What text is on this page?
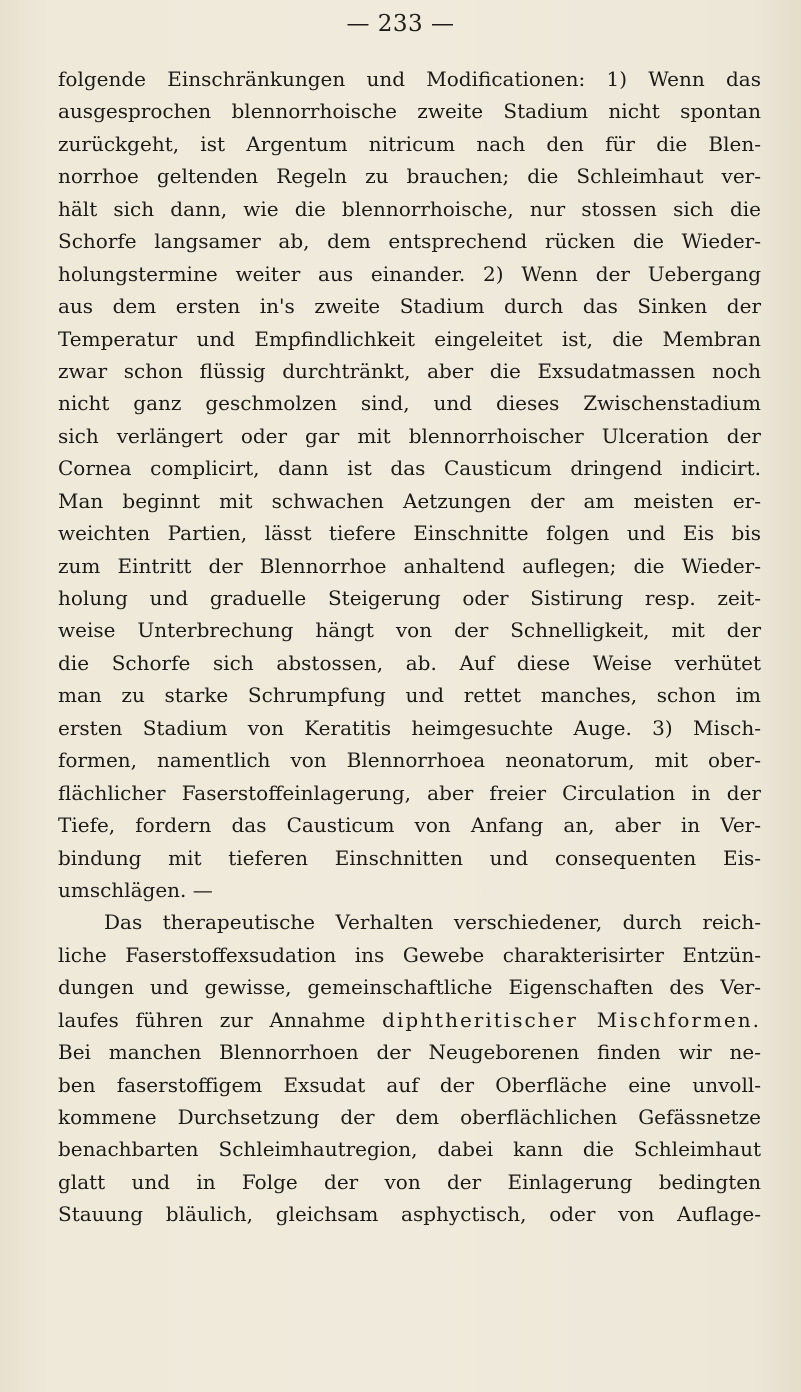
— 233 —
folgende Einschränkungen und Modificationen: 1) Wenn das
ausgesprochen blennorrhoische zweite Stadium nicht spontan
zurückgeht, ist Argentum nitricum nach den für die Blen-
norrhoe geltenden Regeln zu brauchen; die Schleimhaut ver-
hält sich dann, wie die blennorrhoische, nur stossen sich die
Schorfe langsamer ab, dem entsprechend rücken die Wieder-
holungstermine weiter aus einander. 2) Wenn der Uebergang
aus dem ersten in's zweite Stadium durch das Sinken der
Temperatur und Empfindlichkeit eingeleitet ist, die Membran
zwar schon flüssig durchtränkt, aber die Exsudatmassen noch
nicht ganz geschmolzen sind, und dieses Zwischenstadium
sich verlängert oder gar mit blennorrhoischer Ulceration der
Cornea complicirt, dann ist das Causticum dringend indicirt.
Man beginnt mit schwachen Aetzungen der am meisten er-
weichten Partien, lässt tiefere Einschnitte folgen und Eis bis
zum Eintritt der Blennorrhoe anhaltend auflegen; die Wieder-
holung und graduelle Steigerung oder Sistirung resp. zeit-
weise Unterbrechung hängt von der Schnelligkeit, mit der
die Schorfe sich abstossen, ab. Auf diese Weise verhütet
man zu starke Schrumpfung und rettet manches, schon im
ersten Stadium von Keratitis heimgesuchte Auge. 3) Misch-
formen, namentlich von Blennorrhoea neonatorum, mit ober-
flächlicher Faserstoffeinlagerung, aber freier Circulation in der
Tiefe, fordern das Causticum von Anfang an, aber in Ver-
bindung mit tieferen Einschnitten und consequenten Eis-
umschlägen. —
Das therapeutische Verhalten verschiedener, durch reich-
liche Faserstoffexsudation ins Gewebe charakterisirter Entzün-
dungen und gewisse, gemeinschaftliche Eigenschaften des Ver-
laufes führen zur Annahme diphtheritischer Mischformen.
Bei manchen Blennorrhoen der Neugeborenen finden wir ne-
ben faserstoffigem Exsudat auf der Oberfläche eine unvoll-
kommene Durchsetzung der dem oberflächlichen Gefässnetze
benachbarten Schleimhautregion, dabei kann die Schleimhaut
glatt und in Folge der von der Einlagerung bedingten
Stauung bläulich, gleichsam asphyctisch, oder von Auflage-
